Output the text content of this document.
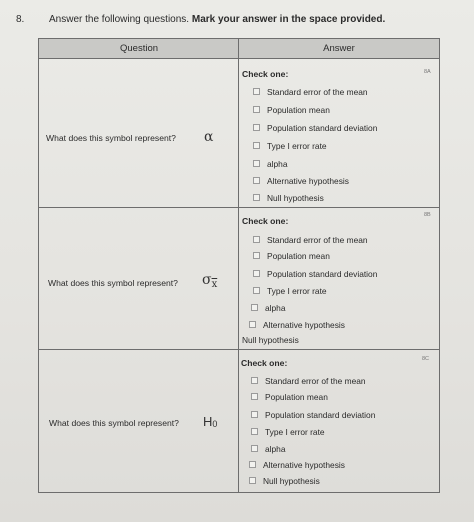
8. Answer the following questions. Mark your answer in the space provided.
Question	Answer
What does this symbol represent? α
8A
Check one:
Standard error of the mean
Population mean
Population standard deviation
Type I error rate
alpha
Alternative hypothesis
Null hypothesis
What does this symbol represent? $\sigma_{\overline{x}}$
8B
Check one:
Standard error of the mean
Population mean
Population standard deviation
Type I error rate
alpha
Alternative hypothesis
Null hypothesis
What does this symbol represent? $H_0$
8C
Check one:
Standard error of the mean
Population mean
Population standard deviation
Type I error rate
alpha
Alternative hypothesis
Null hypothesis
